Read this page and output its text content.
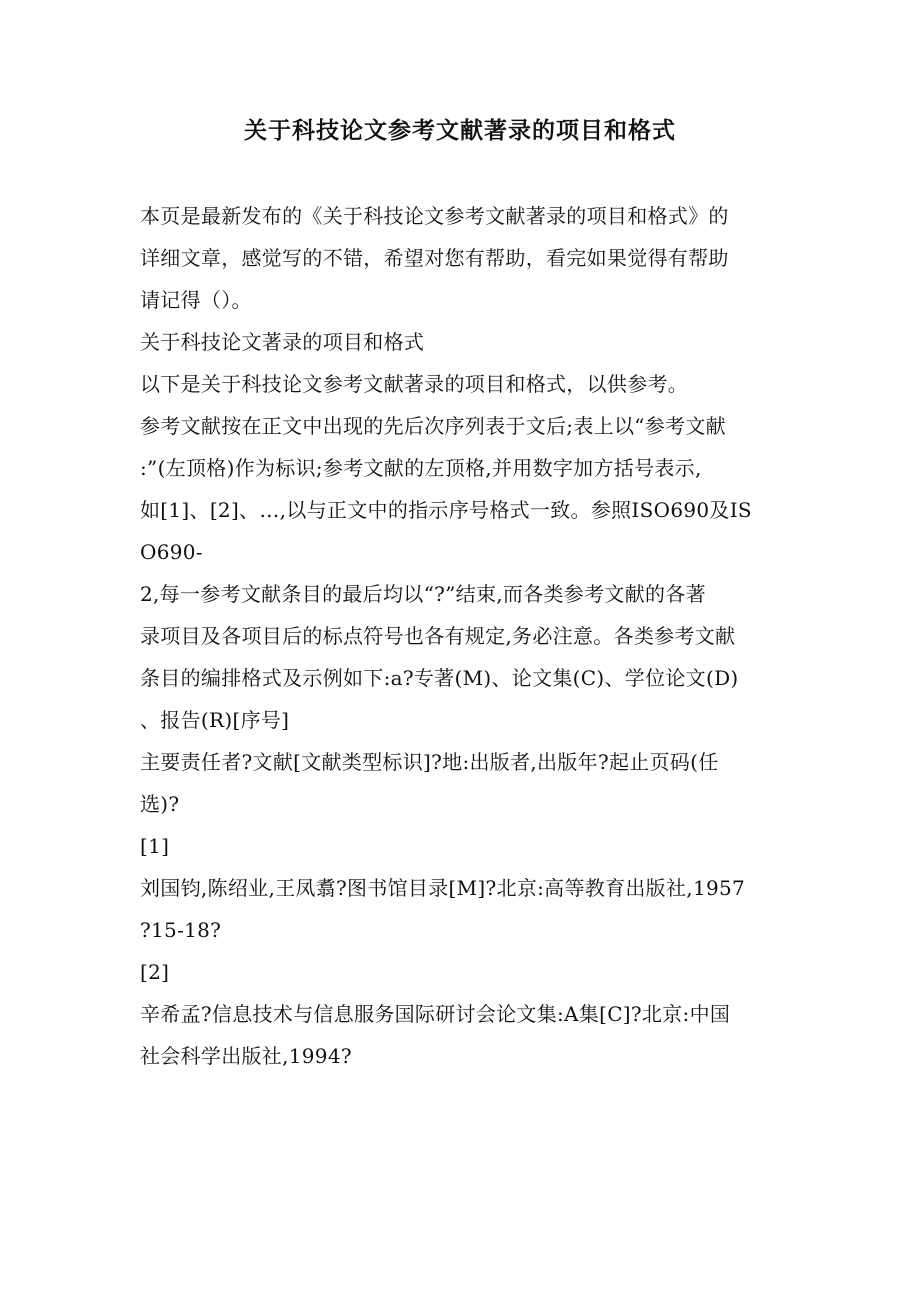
关于科技论文参考文献著录的项目和格式
本页是最新发布的《关于科技论文参考文献著录的项目和格式》的
详细文章，感觉写的不错，希望对您有帮助，看完如果觉得有帮助
请记得（）。
关于科技论文著录的项目和格式
以下是关于科技论文参考文献著录的项目和格式，以供参考。
参考文献按在正文中出现的先后次序列表于文后;表上以“参考文献
:”(左顶格)作为标识;参考文献的左顶格,并用数字加方括号表示,
如[1]、[2]、…,以与正文中的指示序号格式一致。参照ISO690及IS
O690-
2,每一参考文献条目的最后均以“?”结束,而各类参考文献的各著
录项目及各项目后的标点符号也各有规定,务必注意。各类参考文献
条目的编排格式及示例如下:a?专著(M)、论文集(C)、学位论文(D)
、报告(R)[序号]
主要责任者?文献[文献类型标识]?地:出版者,出版年?起止页码(任
选)?
[1]
刘国钧,陈绍业,王凤翥?图书馆目录[M]?北京:高等教育出版社,1957
?15-18?
[2]
辛希孟?信息技术与信息服务国际研讨会论文集:A集[C]?北京:中国
社会科学出版社,1994?
